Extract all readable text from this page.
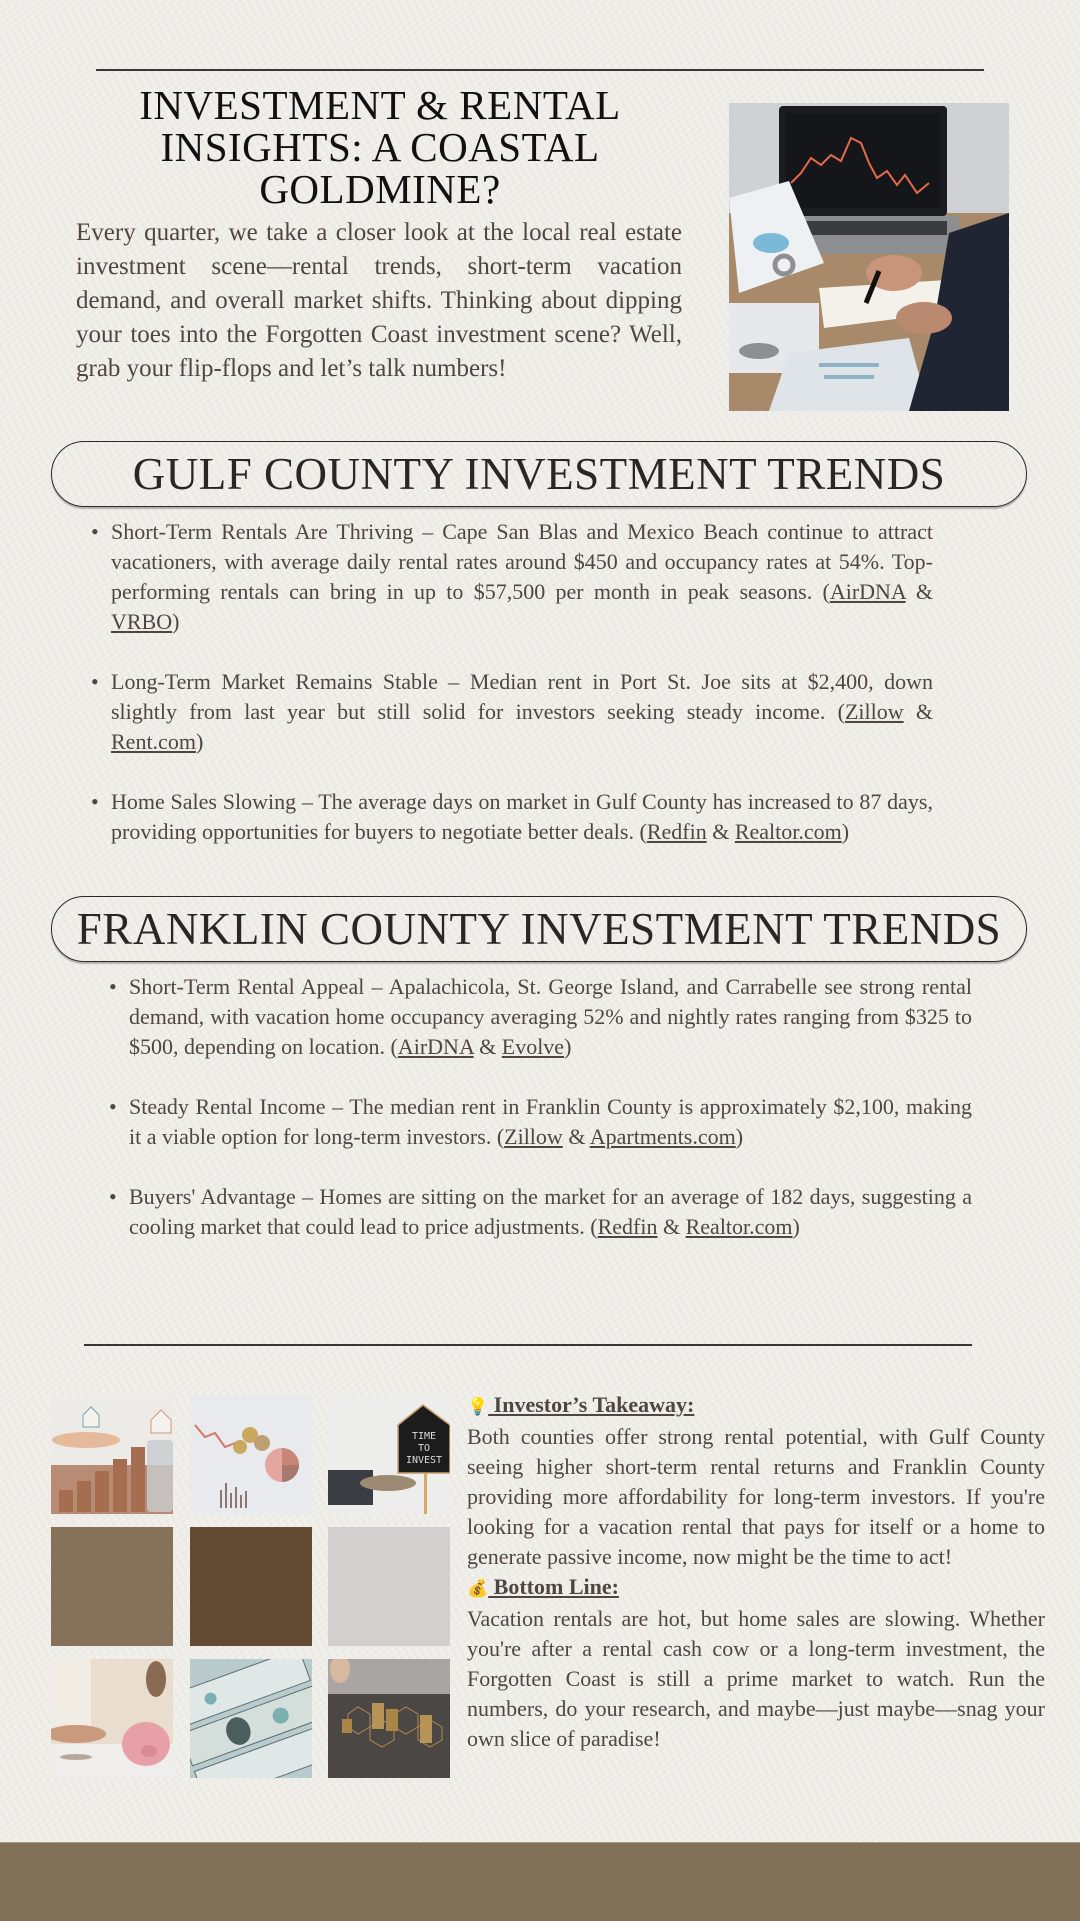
INVESTMENT & RENTAL INSIGHTS: A COASTAL GOLDMINE?

Every quarter, we take a closer look at the local real estate investment scene—rental trends, short-term vacation demand, and overall market shifts. Thinking about dipping your toes into the Forgotten Coast investment scene? Well, grab your flip-flops and let’s talk numbers!

GULF COUNTY INVESTMENT TRENDS
• Short-Term Rentals Are Thriving – Cape San Blas and Mexico Beach continue to attract vacationers, with average daily rental rates around $450 and occupancy rates at 54%. Top-performing rentals can bring in up to $57,500 per month in peak seasons. (AirDNA & VRBO)
• Long-Term Market Remains Stable – Median rent in Port St. Joe sits at $2,400, down slightly from last year but still solid for investors seeking steady income. (Zillow & Rent.com)
• Home Sales Slowing – The average days on market in Gulf County has increased to 87 days, providing opportunities for buyers to negotiate better deals. (Redfin & Realtor.com)
FRANKLIN COUNTY INVESTMENT TRENDS
• Short-Term Rental Appeal – Apalachicola, St. George Island, and Carrabelle see strong rental demand, with vacation home occupancy averaging 52% and nightly rates ranging from $325 to $500, depending on location. (AirDNA & Evolve)
• Steady Rental Income – The median rent in Franklin County is approximately $2,100, making it a viable option for long-term investors. (Zillow & Apartments.com)
• Buyers' Advantage – Homes are sitting on the market for an average of 182 days, suggesting a cooling market that could lead to price adjustments. (Redfin & Realtor.com)
TIME
TO
INVEST
💡 Investor’s Takeaway:
Both counties offer strong rental potential, with Gulf County seeing higher short-term rental returns and Franklin County providing more affordability for long-term investors. If you're looking for a vacation rental that pays for itself or a home to generate passive income, now might be the time to act!
💰 Bottom Line:
Vacation rentals are hot, but home sales are slowing. Whether you're after a rental cash cow or a long-term investment, the Forgotten Coast is still a prime market to watch. Run the numbers, do your research, and maybe—just maybe—snag your own slice of paradise!
